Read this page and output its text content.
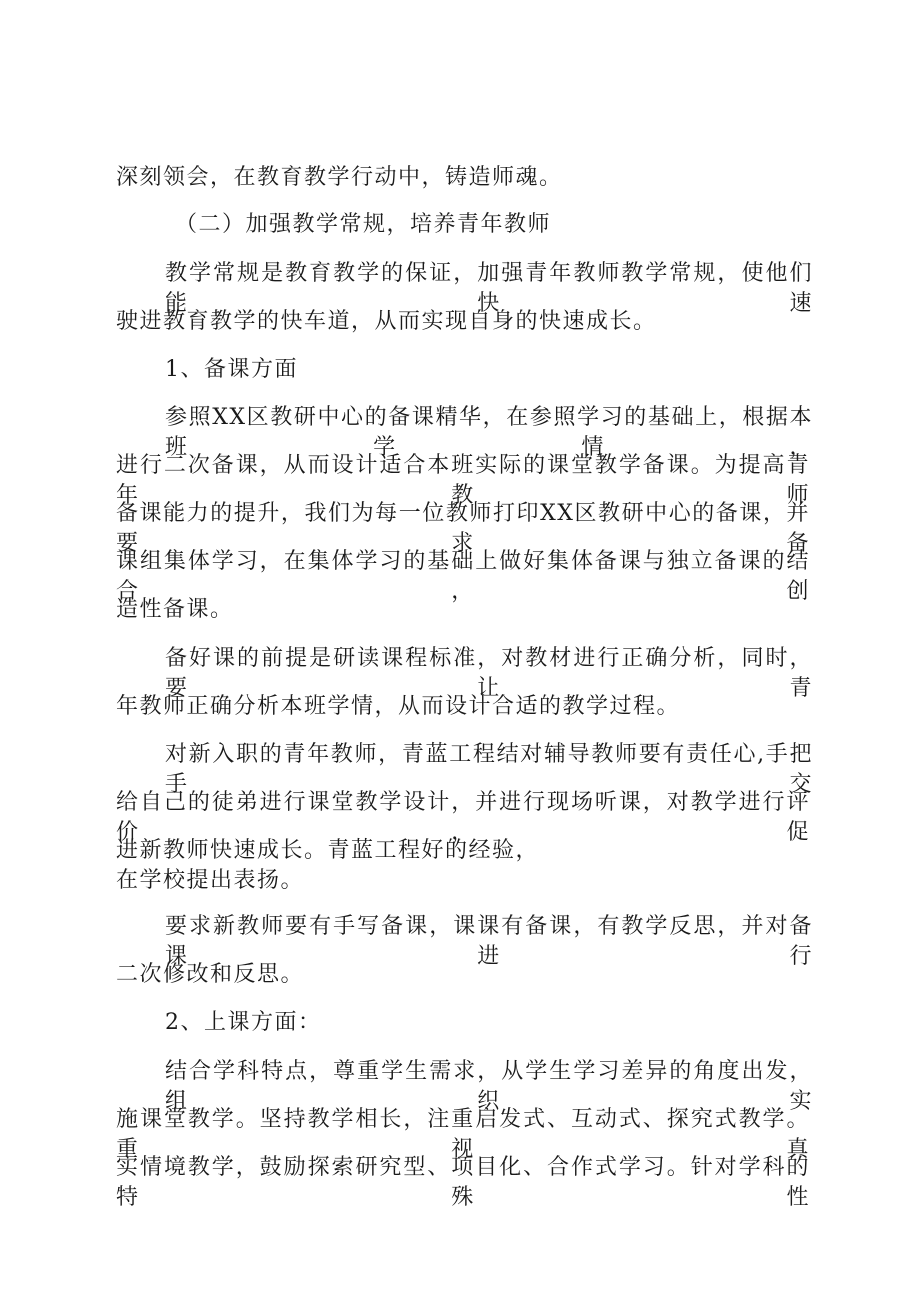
深刻领会，在教育教学行动中，铸造师魂。
（二）加强教学常规，培养青年教师
教学常规是教育教学的保证，加强青年教师教学常规，使他们能快速
驶进教育教学的快车道，从而实现自身的快速成长。
1、备课方面
参照XX区教研中心的备课精华，在参照学习的基础上，根据本班学情，
进行二次备课，从而设计适合本班实际的课堂教学备课。为提高青年教师
备课能力的提升，我们为每一位教师打印XX区教研中心的备课，并要求备
课组集体学习，在集体学习的基础上做好集体备课与独立备课的结合，创
造性备课。
备好课的前提是研读课程标准，对教材进行正确分析，同时，要让青
年教师正确分析本班学情，从而设计合适的教学过程。
对新入职的青年教师，青蓝工程结对辅导教师要有责任心,手把手交
给自己的徒弟进行课堂教学设计，并进行现场听课，对教学进行评价，促
进新教师快速成长。青蓝工程好的经验，
在学校提出表扬。
要求新教师要有手写备课，课课有备课，有教学反思，并对备课进行
二次修改和反思。
2、上课方面：
结合学科特点，尊重学生需求，从学生学习差异的角度出发，组织实
施课堂教学。坚持教学相长，注重启发式、互动式、探究式教学。重视真
实情境教学，鼓励探索研究型、项目化、合作式学习。针对学科的特殊性
